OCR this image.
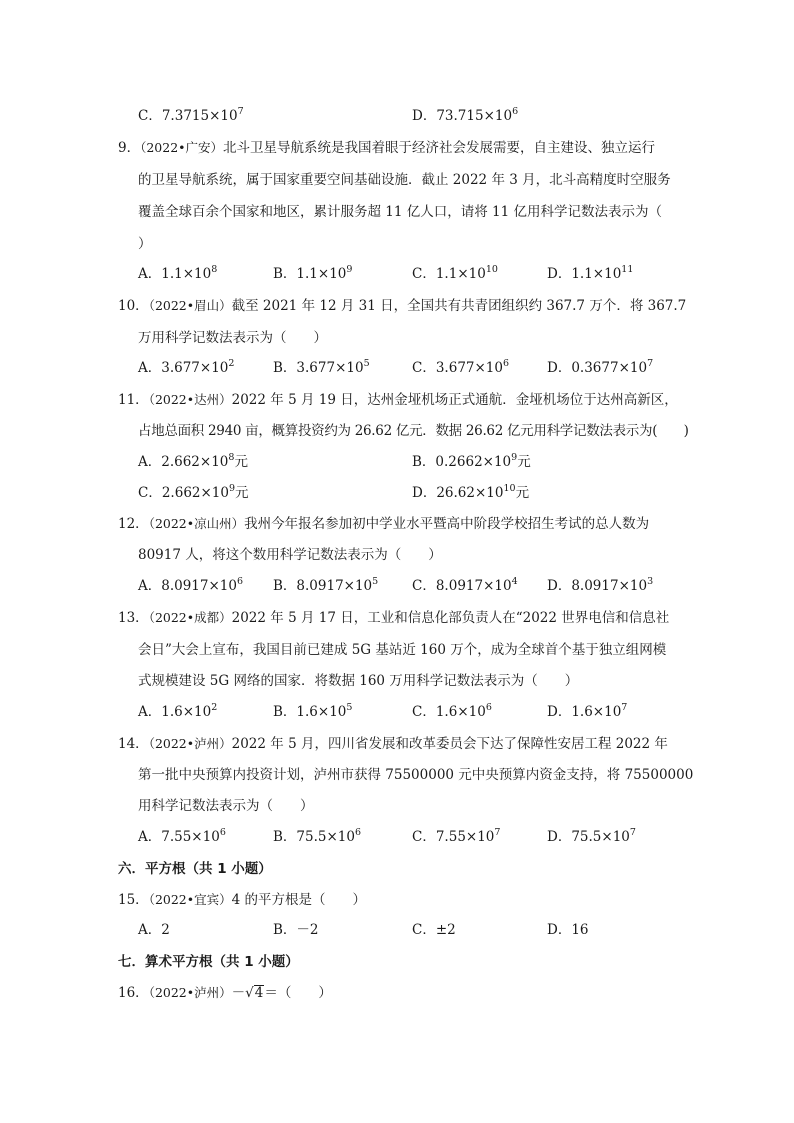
C．$7.3715\times 10^7$	D．$73.715\times 10^6$
9．（2022•广安）北斗卫星导航系统是我国着眼于经济社会发展需要，自主建设、独立运行
的卫星导航系统，属于国家重要空间基础设施．截止 2022 年 3 月，北斗高精度时空服务
覆盖全球百余个国家和地区，累计服务超 11 亿人口，请将 11 亿用科学记数法表示为（
）
A．$1.1\times 10^8$	B．$1.1\times 10^9$	C．$1.1\times 10^{10}$	D．$1.1\times 10^{11}$
10．（2022•眉山）截至 2021 年 12 月 31 日，全国共有共青团组织约 367.7 万个．将 367.7
万用科学记数法表示为（　　）
A．$3.677\times 10^2$	B．$3.677\times 10^5$	C．$3.677\times 10^6$	D．$0.3677\times 10^7$
11．（2022•达州）2022 年 5 月 19 日，达州金垭机场正式通航．金垭机场位于达州高新区，
占地总面积 2940 亩，概算投资约为 26.62 亿元．数据 26.62 亿元用科学记数法表示为(　　)
A．$2.662\times 10^8$元	B．$0.2662\times 10^9$元
C．$2.662\times 10^9$元	D．$26.62\times 10^{10}$元
12．（2022•凉山州）我州今年报名参加初中学业水平暨高中阶段学校招生考试的总人数为
80917 人，将这个数用科学记数法表示为（　　）
A．$8.0917\times 10^6$ B．$8.0917\times 10^5$	C．$8.0917\times 10^4$ D．$8.0917\times 10^3$
13．（2022•成都）2022 年 5 月 17 日，工业和信息化部负责人在“2022 世界电信和信息社
会日”大会上宣布，我国目前已建成 5G 基站近 160 万个，成为全球首个基于独立组网模
式规模建设 5G 网络的国家．将数据 160 万用科学记数法表示为（　　）
A．$1.6\times 10^2$	B．$1.6\times 10^5$	C．$1.6\times 10^6$	D．$1.6\times 10^7$
14．（2022•泸州）2022 年 5 月，四川省发展和改革委员会下达了保障性安居工程 2022 年
第一批中央预算内投资计划，泸州市获得 75500000 元中央预算内资金支持，将 75500000
用科学记数法表示为（　　）
A．$7.55\times 10^6$	B．$75.5\times 10^6$	C．$7.55\times 10^7$	D．$75.5\times 10^7$
六．平方根（共 1 小题）
15．（2022•宜宾）4 的平方根是（　　）
A．2	B．－2	C．±2	D．16
七．算术平方根（共 1 小题）
16．（2022•泸州）－√4＝（　　）
